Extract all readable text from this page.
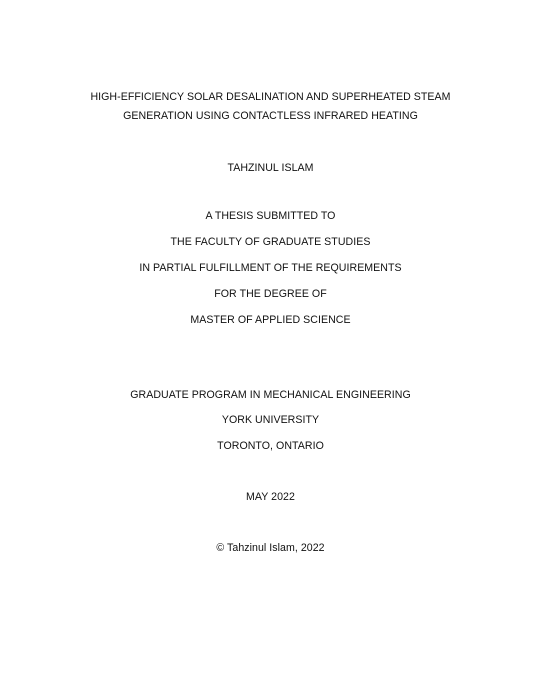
HIGH-EFFICIENCY SOLAR DESALINATION AND SUPERHEATED STEAM
GENERATION USING CONTACTLESS INFRARED HEATING
TAHZINUL ISLAM
A THESIS SUBMITTED TO
THE FACULTY OF GRADUATE STUDIES
IN PARTIAL FULFILLMENT OF THE REQUIREMENTS
FOR THE DEGREE OF
MASTER OF APPLIED SCIENCE
GRADUATE PROGRAM IN MECHANICAL ENGINEERING
YORK UNIVERSITY
TORONTO, ONTARIO
MAY 2022
© Tahzinul Islam, 2022
